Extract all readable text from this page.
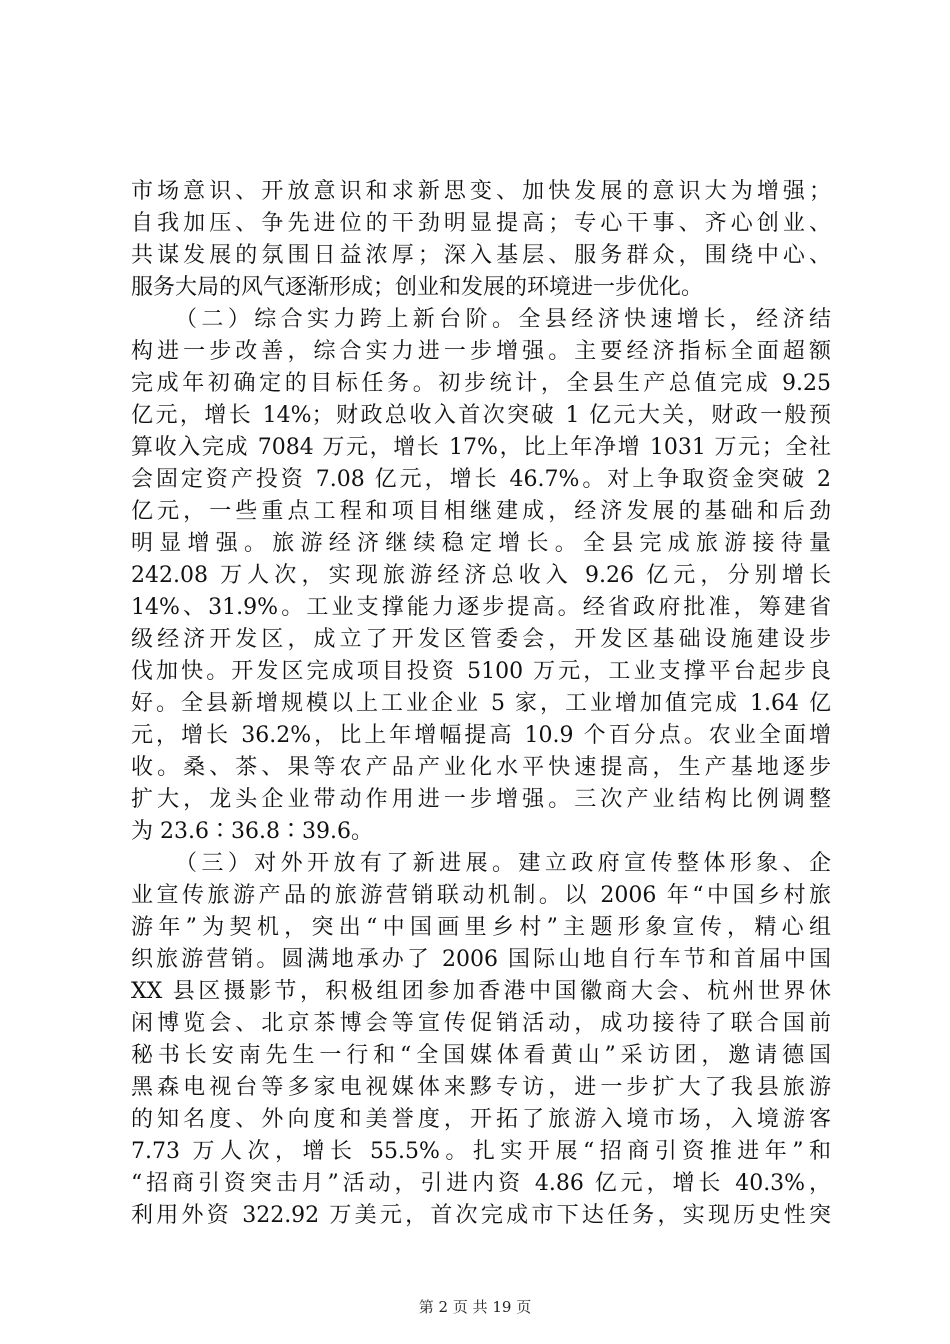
市场意识、开放意识和求新思变、加快发展的意识大为增强；
自我加压、争先进位的干劲明显提高；专心干事、齐心创业、
共谋发展的氛围日益浓厚；深入基层、服务群众，围绕中心、
服务大局的风气逐渐形成；创业和发展的环境进一步优化。
（二）综合实力跨上新台阶。全县经济快速增长，经济结
构进一步改善，综合实力进一步增强。主要经济指标全面超额
完成年初确定的目标任务。初步统计，全县生产总值完成 9.25
亿元，增长 14%；财政总收入首次突破 1 亿元大关，财政一般预
算收入完成 7084 万元，增长 17%，比上年净增 1031 万元；全社
会固定资产投资 7.08 亿元，增长 46.7%。对上争取资金突破 2
亿元，一些重点工程和项目相继建成，经济发展的基础和后劲
明显增强。旅游经济继续稳定增长。全县完成旅游接待量
242.08 万人次，实现旅游经济总收入 9.26 亿元，分别增长
14%、31.9%。工业支撑能力逐步提高。经省政府批准，筹建省
级经济开发区，成立了开发区管委会，开发区基础设施建设步
伐加快。开发区完成项目投资 5100 万元，工业支撑平台起步良
好。全县新增规模以上工业企业 5 家，工业增加值完成 1.64 亿
元，增长 36.2%，比上年增幅提高 10.9 个百分点。农业全面增
收。桑、茶、果等农产品产业化水平快速提高，生产基地逐步
扩大，龙头企业带动作用进一步增强。三次产业结构比例调整
为 23.6∶36.8∶39.6。
（三）对外开放有了新进展。建立政府宣传整体形象、企
业宣传旅游产品的旅游营销联动机制。以 2006 年“中国乡村旅
游年”为契机，突出“中国画里乡村”主题形象宣传，精心组
织旅游营销。圆满地承办了 2006 国际山地自行车节和首届中国
XX 县区摄影节，积极组团参加香港中国徽商大会、杭州世界休
闲博览会、北京茶博会等宣传促销活动，成功接待了联合国前
秘书长安南先生一行和“全国媒体看黄山”采访团，邀请德国
黑森电视台等多家电视媒体来黟专访，进一步扩大了我县旅游
的知名度、外向度和美誉度，开拓了旅游入境市场，入境游客
7.73 万人次，增长 55.5%。扎实开展“招商引资推进年”和
“招商引资突击月”活动，引进内资 4.86 亿元，增长 40.3%，
利用外资 322.92 万美元，首次完成市下达任务，实现历史性突
第 2 页 共 19 页
